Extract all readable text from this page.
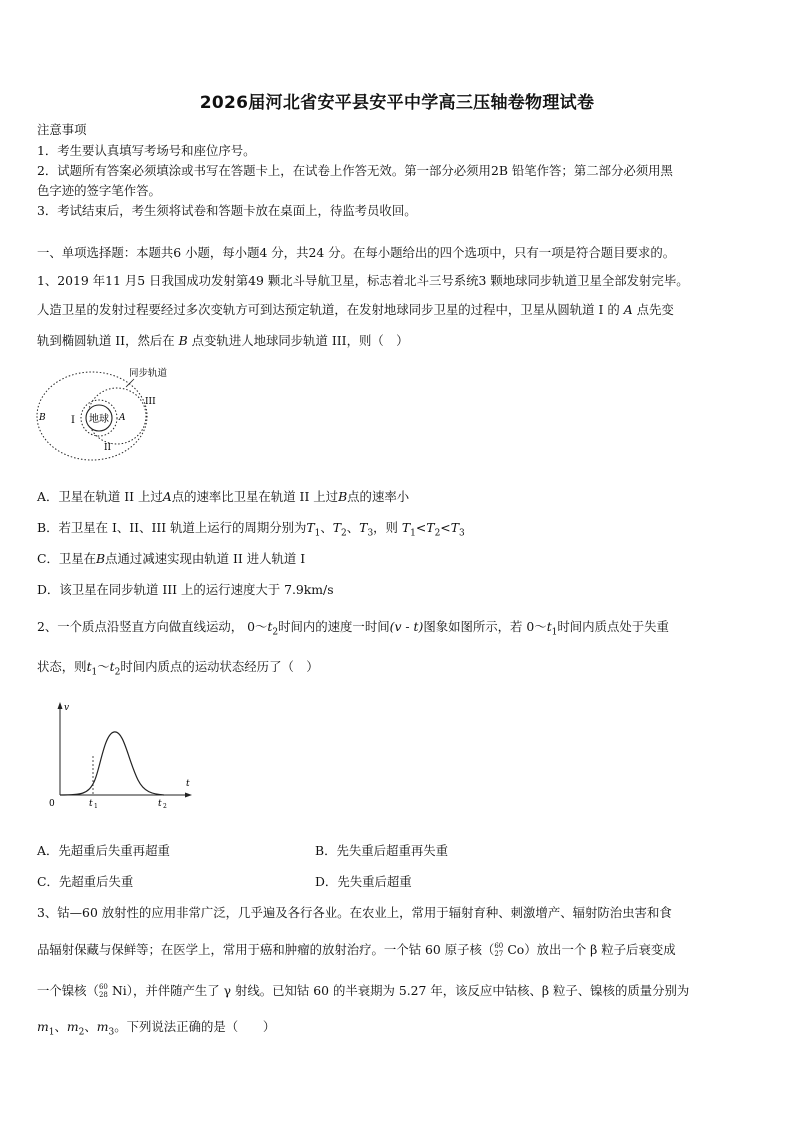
2026届河北省安平县安平中学高三压轴卷物理试卷
注意事项
1．考生要认真填写考场号和座位序号。
2．试题所有答案必须填涂或书写在答题卡上，在试卷上作答无效。第一部分必须用2B 铅笔作答；第二部分必须用黑
色字迹的签字笔作答。
3．考试结束后，考生须将试卷和答题卡放在桌面上，待监考员收回。
一、单项选择题：本题共6 小题，每小题4 分，共24 分。在每小题给出的四个选项中，只有一项是符合题目要求的。
1、2019 年11 月5 日我国成功发射第49 颗北斗导航卫星，标志着北斗三号系统3 颗地球同步轨道卫星全部发射完毕。
人造卫星的发射过程要经过多次变轨方可到达预定轨道，在发射地球同步卫星的过程中，卫星从圆轨道 I 的 A 点先变
轨到椭圆轨道 II，然后在 B 点变轨进人地球同步轨道 III，则（　）
地球
B	A
I
II
III
同步轨道
A．卫星在轨道 II 上过A点的速率比卫星在轨道 II 上过B点的速率小
B．若卫星在 I、II、III 轨道上运行的周期分别为$T_1$、$T_2$、$T_3$，则 $T_1<T_2<T_3$
C．卫星在B点通过减速实现由轨道 II 进人轨道 I
D．该卫星在同步轨道 III 上的运行速度大于 7.9km/s
2、一个质点沿竖直方向做直线运动， $0\sim t_2$时间内的速度一时间(v - t)图象如图所示，若 $0\sim t_1$时间内质点处于失重
状态，则$t_1\sim t_2$时间内质点的运动状态经历了（　）
v
t
0	t 1	t 2
A．先超重后失重再超重	B．先失重后超重再失重
C．先超重后失重	D．先失重后超重
3、钴—60 放射性的应用非常广泛，几乎遍及各行各业。在农业上，常用于辐射育种、刺激增产、辐射防治虫害和食
品辐射保藏与保鲜等；在医学上，常用于癌和肿瘤的放射治疗。一个钴 60 原子核（ 60
27 Co）放出一个 β 粒子后衰变成
一个镍核（ 60
28 Ni），并伴随产生了 γ 射线。已知钴 60 的半衰期为 5.27 年，该反应中钴核、β 粒子、镍核的质量分别为
$m_1$、$m_2$、$m_3$。下列说法正确的是（　　）
